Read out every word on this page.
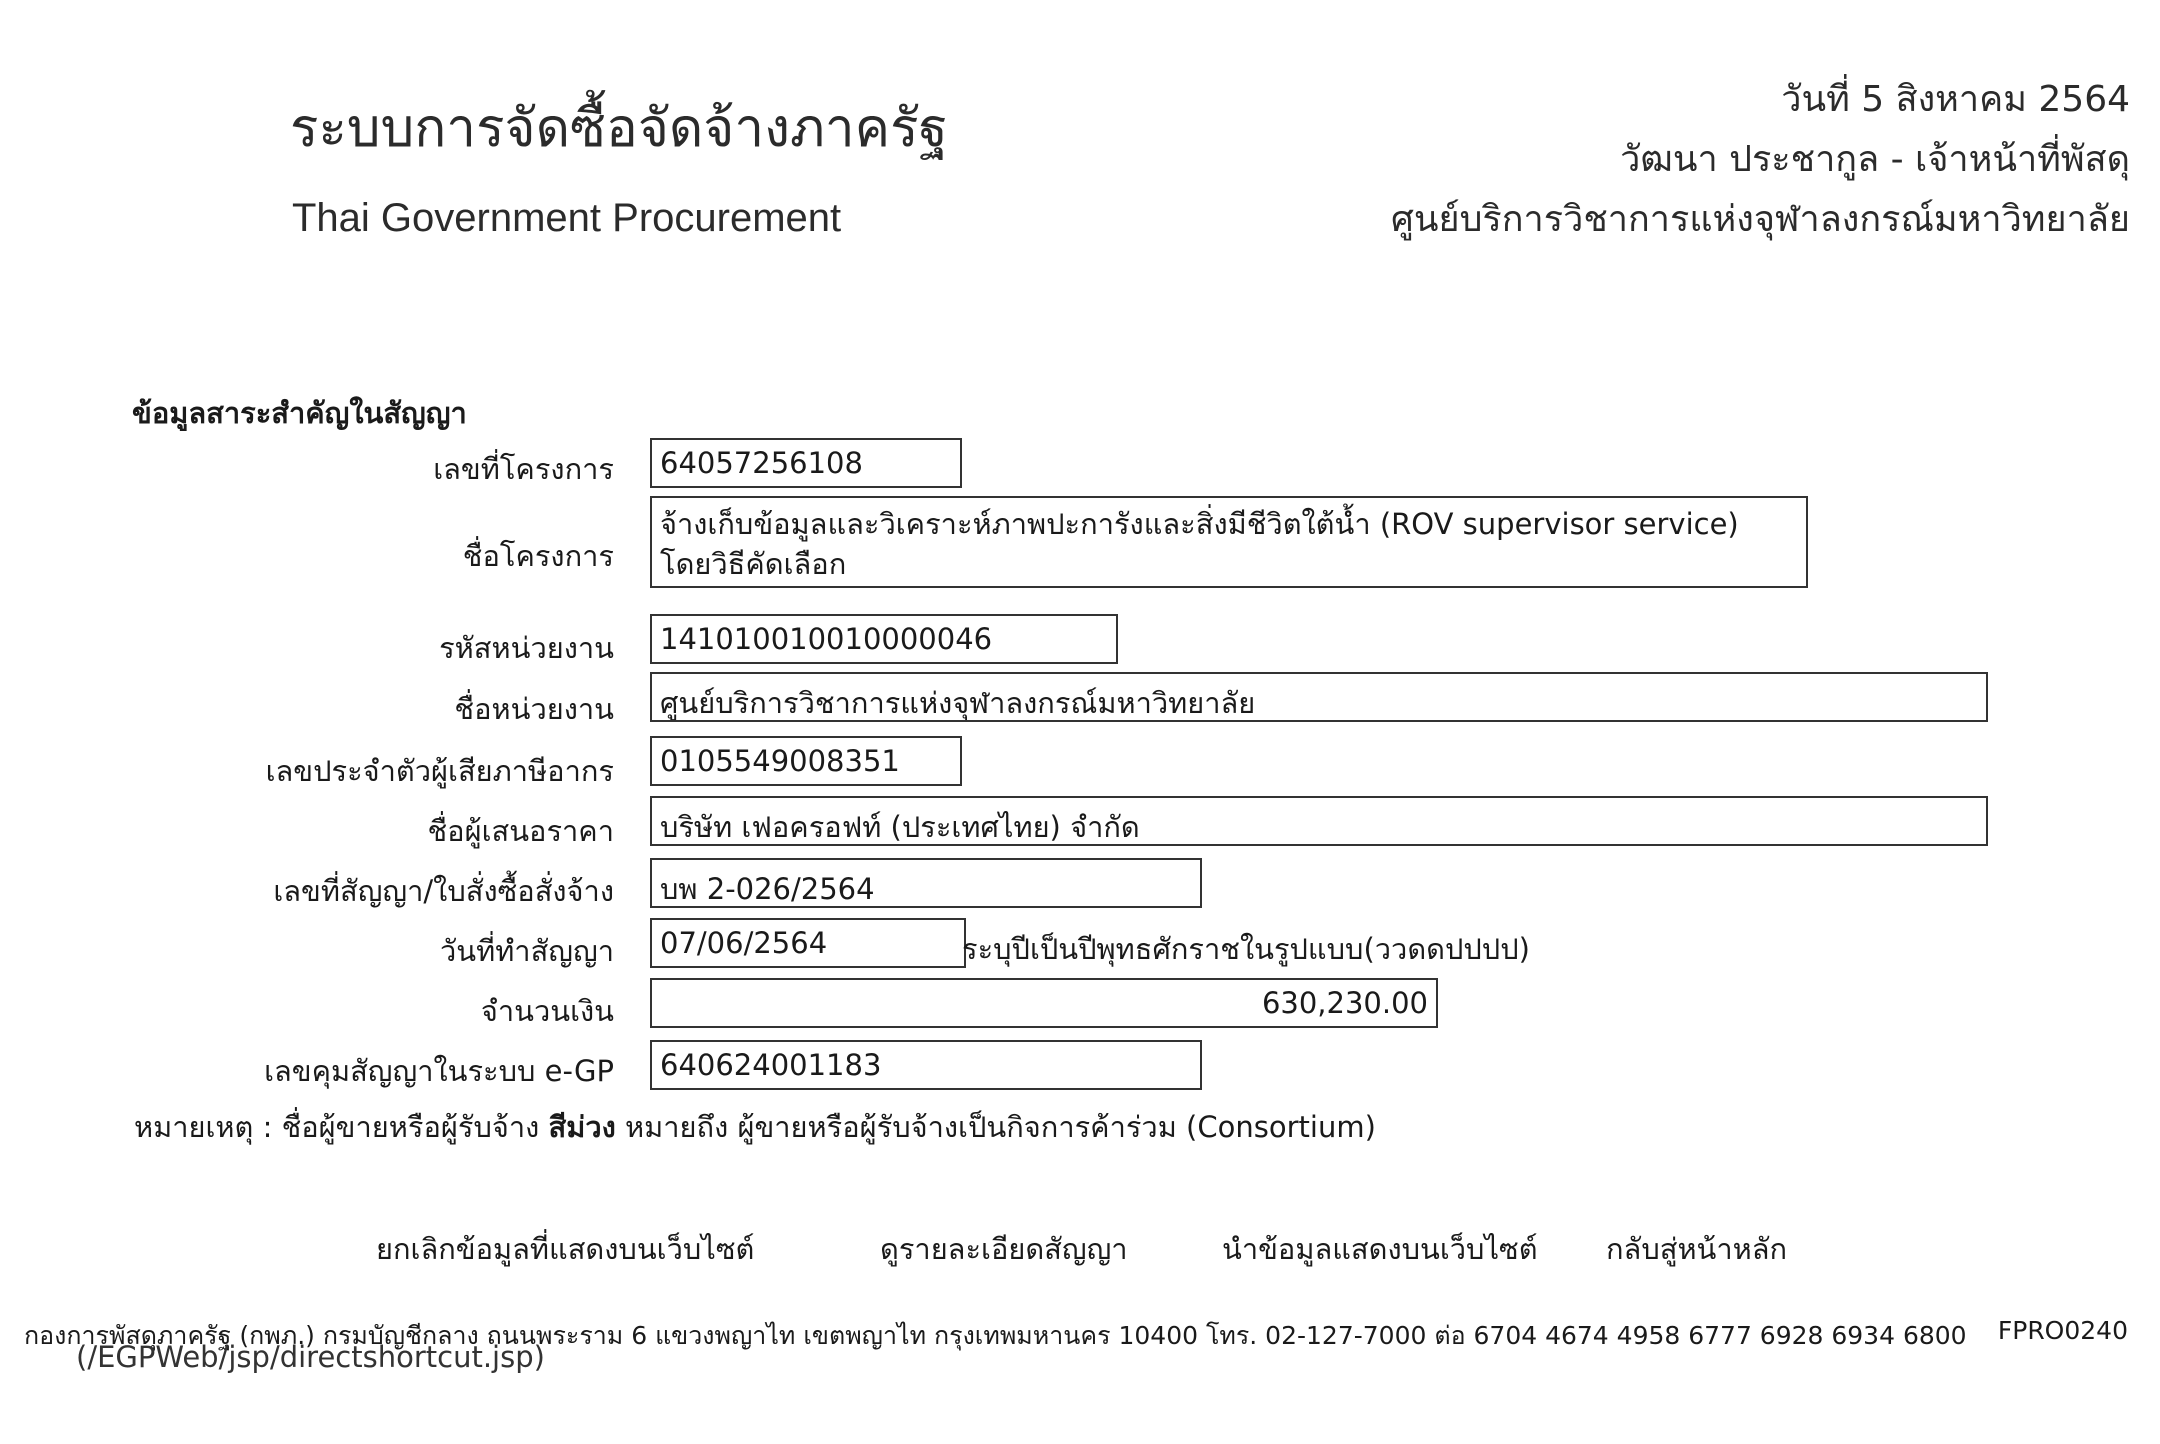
ระบบการจัดซื้อจัดจ้างภาครัฐ
Thai Government Procurement
วันที่ 5 สิงหาคม 2564
วัฒนา ประชากูล - เจ้าหน้าที่พัสดุ
ศูนย์บริการวิชาการแห่งจุฬาลงกรณ์มหาวิทยาลัย
ข้อมูลสาระสำคัญในสัญญา
เลขที่โครงการ	64057256108
ชื่อโครงการ
จ้างเก็บข้อมูลและวิเคราะห์ภาพปะการังและสิ่งมีชีวิตใต้น้ำ (ROV supervisor service) โดยวิธีคัดเลือก
รหัสหน่วยงาน	141010010010000046
ชื่อหน่วยงาน	ศูนย์บริการวิชาการแห่งจุฬาลงกรณ์มหาวิทยาลัย
เลขประจำตัวผู้เสียภาษีอากร	0105549008351
ชื่อผู้เสนอราคา	บริษัท เฟอครอฟท์ (ประเทศไทย) จำกัด
เลขที่สัญญา/ใบสั่งซื้อสั่งจ้าง	บพ 2-026/2564
วันที่ทำสัญญา	07/06/2564	ระบุปีเป็นปีพุทธศักราชในรูปแบบ(ววดดปปปป)
จำนวนเงิน	630,230.00
เลขคุมสัญญาในระบบ e-GP	640624001183
หมายเหตุ : ชื่อผู้ขายหรือผู้รับจ้าง สีม่วง หมายถึง ผู้ขายหรือผู้รับจ้างเป็นกิจการค้าร่วม (Consortium)
ยกเลิกข้อมูลที่แสดงบนเว็บไซต์	ดูรายละเอียดสัญญา	นำข้อมูลแสดงบนเว็บไซต์ กลับสู่หน้าหลัก
กองการพัสดุภาครัฐ (กพภ.) กรมบัญชีกลาง ถนนพระราม 6 แขวงพญาไท เขตพญาไท กรุงเทพมหานคร 10400 โทร. 02-127-7000 ต่อ 6704 4674 4958 6777 6928 6934 6800 FPRO0240
(/EGPWeb/jsp/directshortcut.jsp)
